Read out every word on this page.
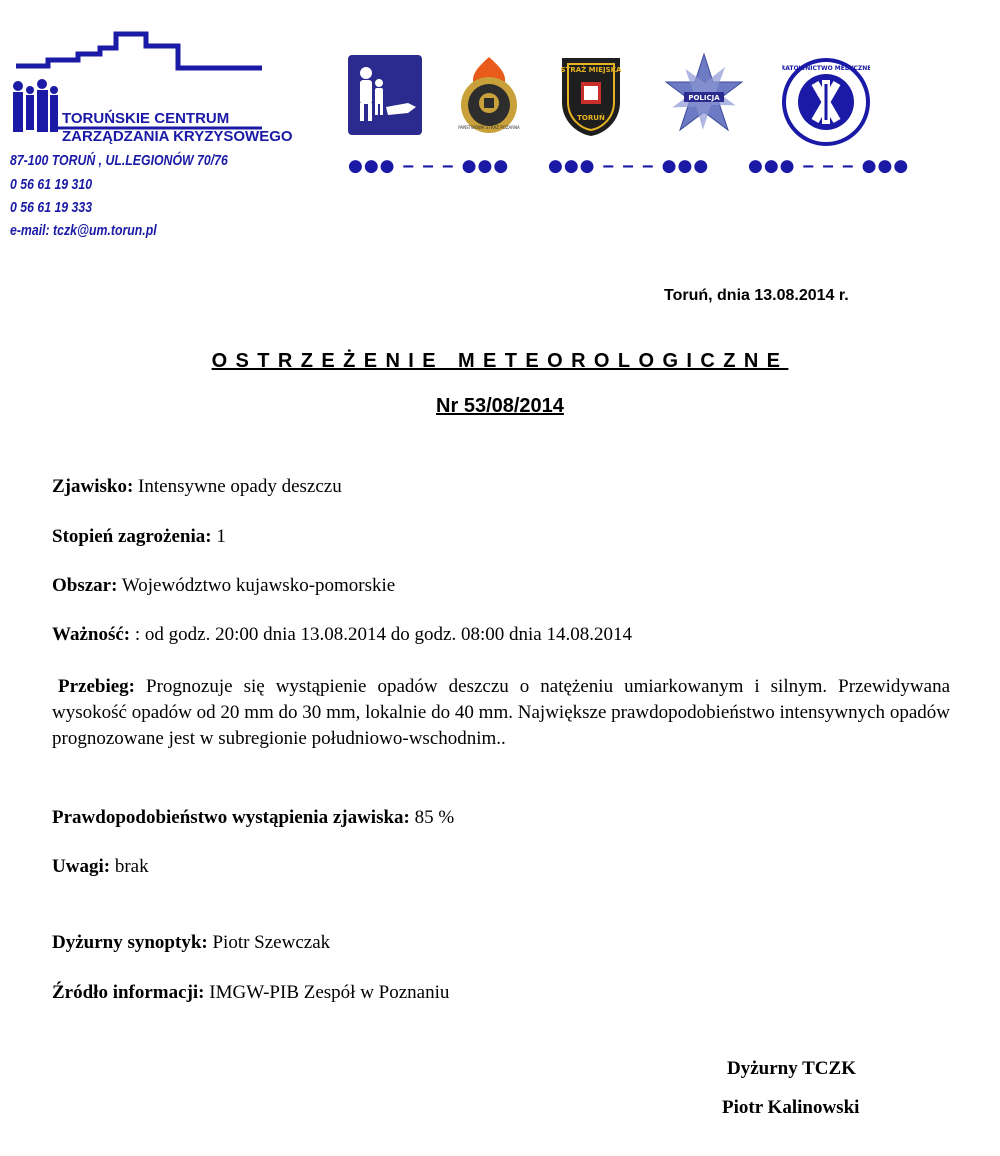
TORUŃSKIE CENTRUM
ZARZĄDZANIA KRYZYSOWEGO
87-100 TORUŃ , UL.LEGIONÓW 70/76
0 56 61 19 310
0 56 61 19 333
e-mail: tczk@um.torun.pl
PAŃSTWOWA STRAŻ POŻARNA
STRAŻ MIEJSKA
TORUŃ
POLICJA
RATOWNICTWO MEDYCZNE
●●● ‒ ‒ ‒ ●●● ●●● ‒ ‒ ‒ ●●● ●●● ‒ ‒ ‒ ●●●
Toruń, dnia 13.08.2014 r.
OSTRZEŻENIE METEOROLOGICZNE
Nr 53/08/2014
Zjawisko: Intensywne opady deszczu
Stopień zagrożenia: 1
Obszar: Województwo kujawsko-pomorskie
Ważność: : od godz. 20:00 dnia 13.08.2014 do godz. 08:00 dnia 14.08.2014
Przebieg: Prognozuje się wystąpienie opadów deszczu o natężeniu umiarkowanym i silnym. Przewidywana wysokość opadów od 20 mm do 30 mm, lokalnie do 40 mm. Największe prawdopodobieństwo intensywnych opadów prognozowane jest w subregionie południowo-wschodnim..
Prawdopodobieństwo wystąpienia zjawiska: 85 %
Uwagi: brak
Dyżurny synoptyk: Piotr Szewczak
Źródło informacji: IMGW-PIB Zespół w Poznaniu
Dyżurny TCZK
Piotr Kalinowski
